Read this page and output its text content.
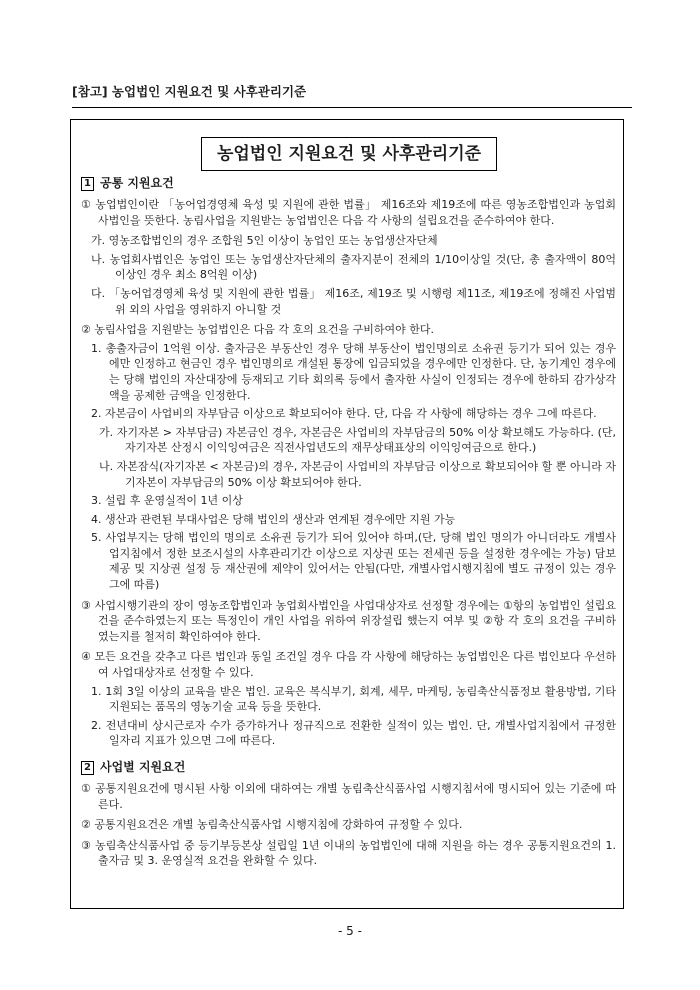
[참고] 농업법인 지원요건 및 사후관리기준
농업법인 지원요건 및 사후관리기준
1 공통 지원요건

① 농업법인이란 「농어업경영체 육성 및 지원에 관한 법률」 제16조와 제19조에 따른 영농조합법인과 농업회사법인을 뜻한다. 농림사업을 지원받는 농업법인은 다음 각 사항의 설립요건을 준수하여야 한다.

가. 영농조합법인의 경우 조합원 5인 이상이 농업인 또는 농업생산자단체

나. 농업회사법인은 농업인 또는 농업생산자단체의 출자지분이 전체의 1/10이상일 것(단, 총 출자액이 80억 이상인 경우 최소 8억원 이상)

다. 「농어업경영체 육성 및 지원에 관한 법률」 제16조, 제19조 및 시행령 제11조, 제19조에 정해진 사업범위 외의 사업을 영위하지 아니할 것

② 농림사업을 지원받는 농업법인은 다음 각 호의 요건을 구비하여야 한다.

1. 총출자금이 1억원 이상. 출자금은 부동산인 경우 당해 부동산이 법인명의로 소유권 등기가 되어 있는 경우에만 인정하고 현금인 경우 법인명의로 개설된 통장에 입금되었을 경우에만 인정한다. 단, 농기계인 경우에는 당해 법인의 자산대장에 등재되고 기타 회의록 등에서 출자한 사실이 인정되는 경우에 한하되 감가상각액을 공제한 금액을 인정한다.

2. 자본금이 사업비의 자부담금 이상으로 확보되어야 한다. 단, 다음 각 사항에 해당하는 경우 그에 따른다.

가. 자기자본 > 자부담금) 자본금인 경우, 자본금은 사업비의 자부담금의 50% 이상 확보해도 가능하다. (단, 자기자본 산정시 이익잉여금은 직전사업년도의 재무상태표상의 이익잉여금으로 한다.)

나. 자본잠식(자기자본 < 자본금)의 경우, 자본금이 사업비의 자부담금 이상으로 확보되어야 할 뿐 아니라 자기자본이 자부담금의 50% 이상 확보되어야 한다.

3. 설립 후 운영실적이 1년 이상

4. 생산과 관련된 부대사업은 당해 법인의 생산과 연계된 경우에만 지원 가능

5. 사업부지는 당해 법인의 명의로 소유권 등기가 되어 있어야 하며,(단, 당해 법인 명의가 아니더라도 개별사업지침에서 정한 보조시설의 사후관리기간 이상으로 지상권 또는 전세권 등을 설정한 경우에는 가능) 담보제공 및 지상권 설정 등 재산권에 제약이 있어서는 안됨(다만, 개별사업시행지침에 별도 규정이 있는 경우 그에 따름)

③ 사업시행기관의 장이 영농조합법인과 농업회사법인을 사업대상자로 선정할 경우에는 ①항의 농업법인 설립요건을 준수하였는지 또는 특정인이 개인 사업을 위하여 위장설립 했는지 여부 및 ②항 각 호의 요건을 구비하였는지를 철저히 확인하여야 한다.

④ 모든 요건을 갖추고 다른 법인과 동일 조건일 경우 다음 각 사항에 해당하는 농업법인은 다른 법인보다 우선하여 사업대상자로 선정할 수 있다.

1. 1회 3일 이상의 교육을 받은 법인. 교육은 복식부기, 회계, 세무, 마케팅, 농림축산식품정보 활용방법, 기타 지원되는 품목의 영농기술 교육 등을 뜻한다.

2. 전년대비 상시근로자 수가 증가하거나 정규직으로 전환한 실적이 있는 법인. 단, 개별사업지침에서 규정한 일자리 지표가 있으면 그에 따른다.

2 사업별 지원요건

① 공통지원요건에 명시된 사항 이외에 대하여는 개별 농림축산식품사업 시행지침서에 명시되어 있는 기준에 따른다.

② 공통지원요건은 개별 농림축산식품사업 시행지침에 강화하여 규정할 수 있다.

③ 농림축산식품사업 중 등기부등본상 설립일 1년 이내의 농업법인에 대해 지원을 하는 경우 공통지원요건의 1. 출자금 및 3. 운영실적 요건을 완화할 수 있다.

- 5 -
